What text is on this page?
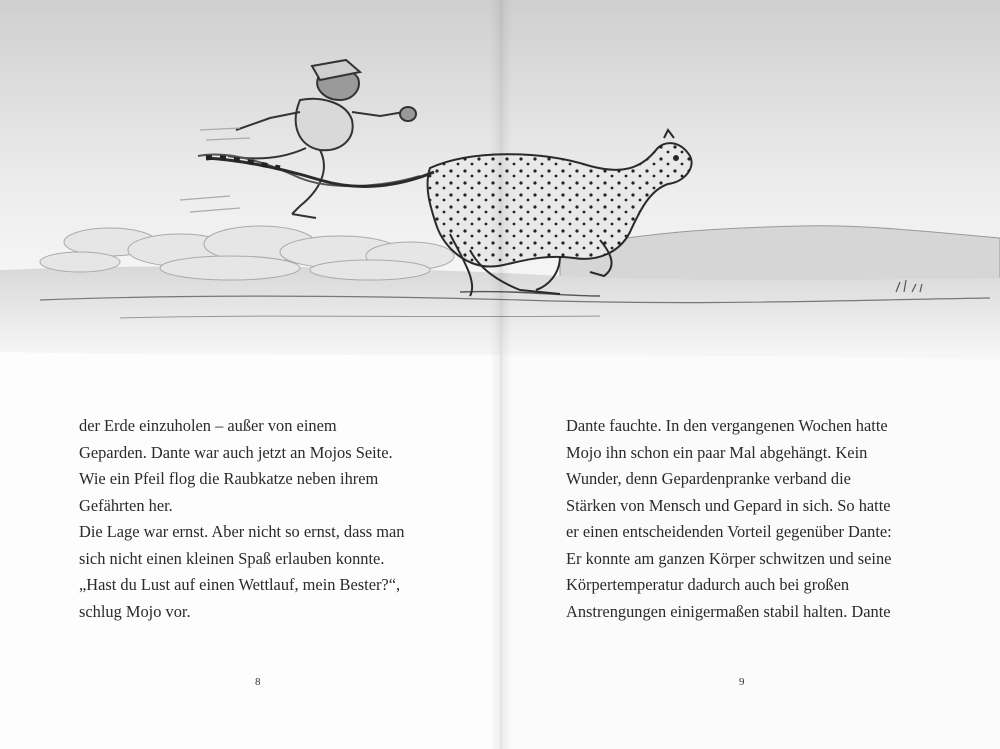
der Erde einzuholen – außer von einem
Geparden. Dante war auch jetzt an Mojos Seite.
Wie ein Pfeil flog die Raubkatze neben ihrem
Gefährten her.
Die Lage war ernst. Aber nicht so ernst, dass man
sich nicht einen kleinen Spaß erlauben konnte.
„Hast du Lust auf einen Wettlauf, mein Bester?“,
schlug Mojo vor.
Dante fauchte. In den vergangenen Wochen hatte
Mojo ihn schon ein paar Mal abgehängt. Kein
Wunder, denn Gepardenpranke verband die
Stärken von Mensch und Gepard in sich. So hatte
er einen entscheidenden Vorteil gegenüber Dante:
Er konnte am ganzen Körper schwitzen und seine
Körpertemperatur dadurch auch bei großen
Anstrengungen einigermaßen stabil halten. Dante
8	9
